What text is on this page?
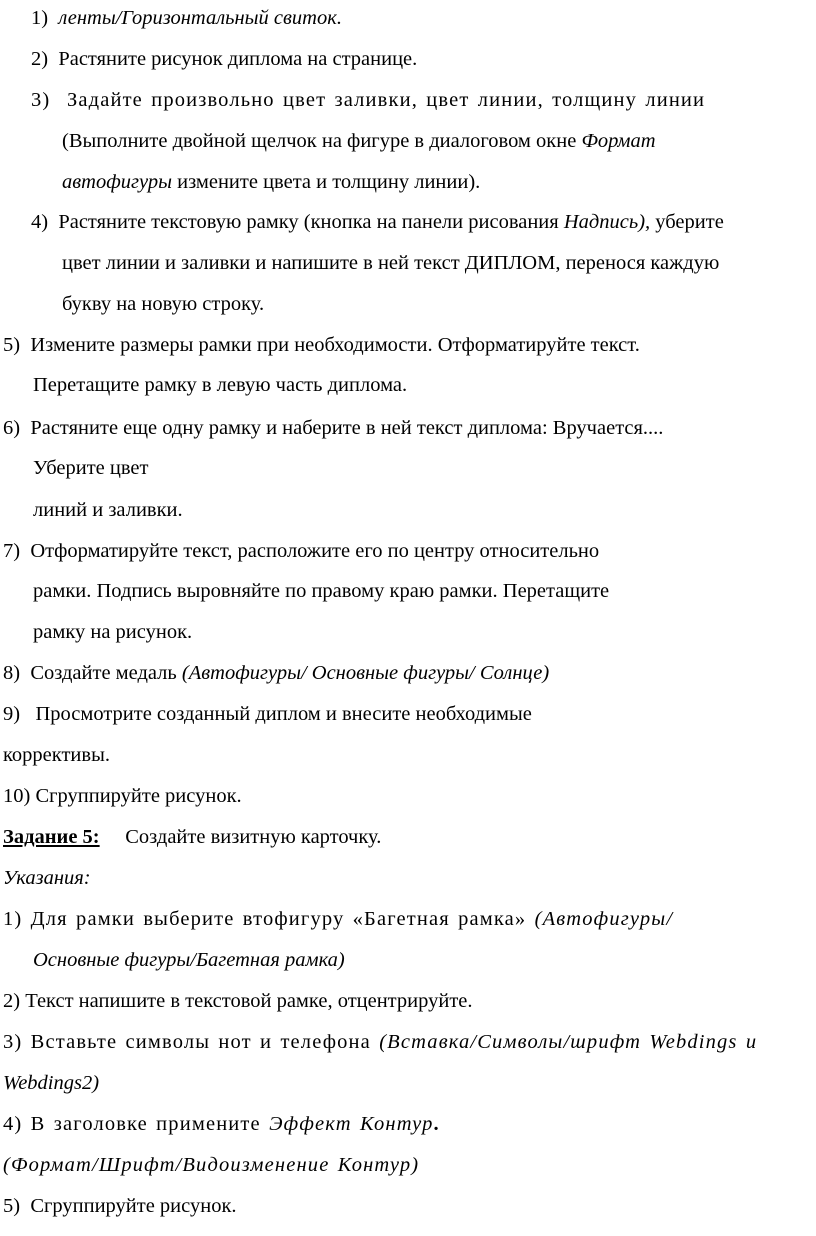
1) ленты/Горизонтальный свиток.
2) Растяните рисунок диплома на странице.
3) Задайте произвольно цвет заливки, цвет линии, толщину линии
(Выполните двойной щелчок на фигуре в диалоговом окне Формат
автофигуры измените цвета и толщину линии).
4) Растяните текстовую рамку (кнопка на панели рисования Надпись), уберите
цвет линии и заливки и напишите в ней текст ДИПЛОМ, перенося каждую
букву на новую строку.
5) Измените размеры рамки при необходимости. Отформатируйте текст.
Перетащите рамку в левую часть диплома.
6) Растяните еще одну рамку и наберите в ней текст диплома: Вручается....
Уберите цвет
линий и заливки.
7) Отформатируйте текст, расположите его по центру относительно
рамки. Подпись выровняйте по правому краю рамки. Перетащите
рамку на рисунок.
8) Создайте медаль (Автофигуры/ Основные фигуры/ Солнце)
9) Просмотрите созданный диплом и внесите необходимые
коррективы.
10) Сгруппируйте рисунок.
Задание 5: Создайте визитную карточку.
Указания:
1) Для рамки выберите втофигуру «Багетная рамка» (Автофигуры/
Основные фигуры/Багетная рамка)
2) Текст напишите в текстовой рамке, отцентрируйте.
3) Вставьте символы нот и телефона (Вставка/Символы/шрифт Webdings и
Webdings2)
4) В заголовке примените Эффект Контур.
(Формат/Шрифт/Видоизменение Контур)
5) Сгруппируйте рисунок.
